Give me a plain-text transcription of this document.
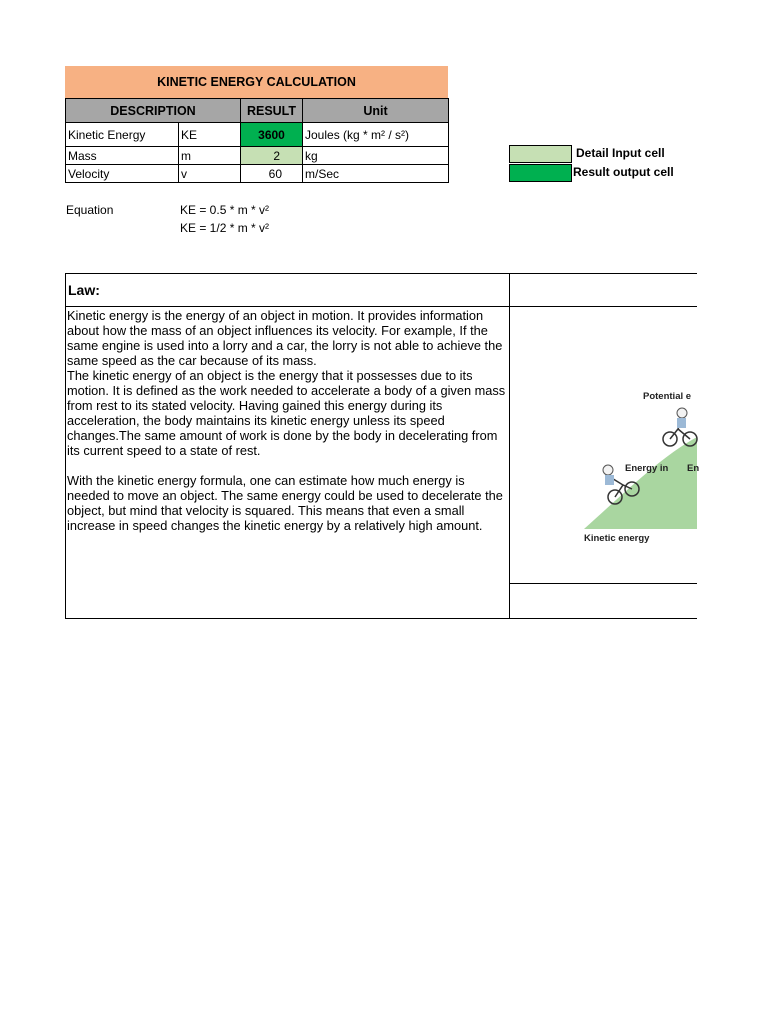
KINETIC ENERGY CALCULATION
DESCRIPTION		RESULT	Unit
Kinetic Energy	KE	3600	Joules (kg * m² / s²)
Mass	m	2	kg
Velocity	v	60	m/Sec
Detail Input cell
Result output cell
Equation	KE = 0.5 * m * v²
KE = 1/2 * m * v²
Law:
Kinetic energy is the energy of an object in motion. It provides information about how the mass of an object influences its velocity. For example, If the same engine is used into a lorry and a car, the lorry is not able to achieve the same speed as the car because of its mass.
The kinetic energy of an object is the energy that it possesses due to its motion. It is defined as the work needed to accelerate a body of a given mass from rest to its stated velocity. Having gained this energy during its acceleration, the body maintains its kinetic energy unless its speed changes.The same amount of work is done by the body in decelerating from its current speed to a state of rest.
With the kinetic energy formula, one can estimate how much energy is needed to move an object. The same energy could be used to decelerate the object, but mind that velocity is squared. This means that even a small increase in speed changes the kinetic energy by a relatively high amount.
Potential e
Energy in En
Kinetic energy
